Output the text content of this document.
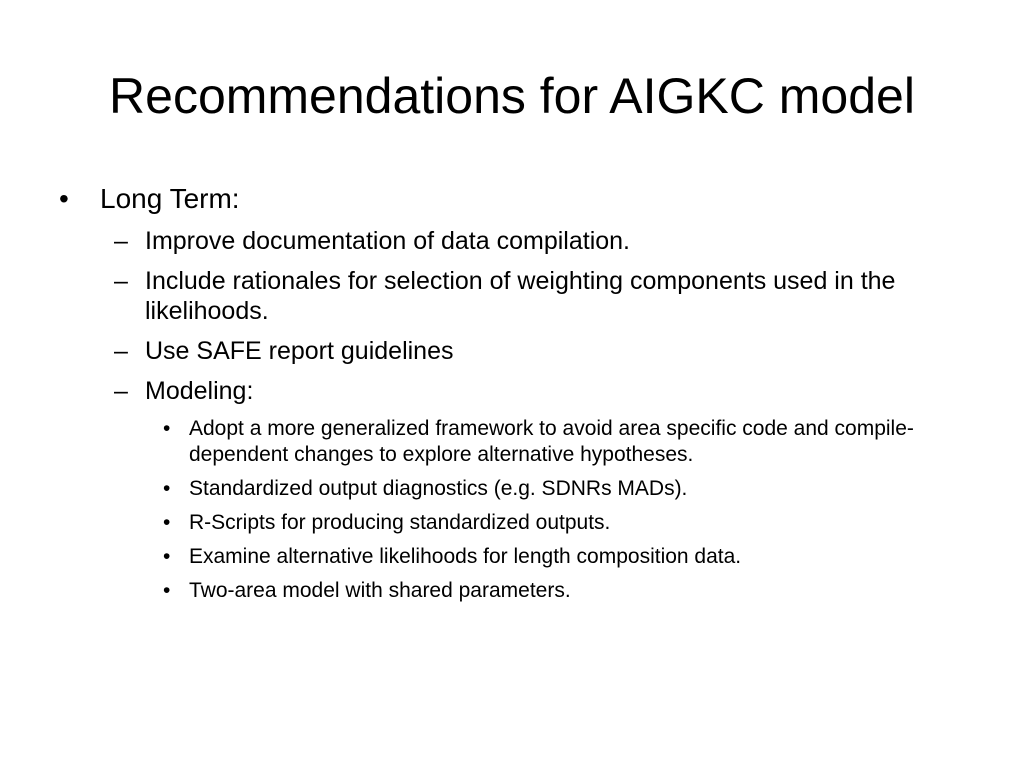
Recommendations for AIGKC model
• Long Term:
– Improve documentation of data compilation.
– Include rationales for selection of weighting components used in the likelihoods.
– Use SAFE report guidelines
– Modeling:
• Adopt a more generalized framework to avoid area specific code and compile-dependent changes to explore alternative hypotheses.
• Standardized output diagnostics (e.g. SDNRs MADs).
• R-Scripts for producing standardized outputs.
• Examine alternative likelihoods for length composition data.
• Two-area model with shared parameters.
